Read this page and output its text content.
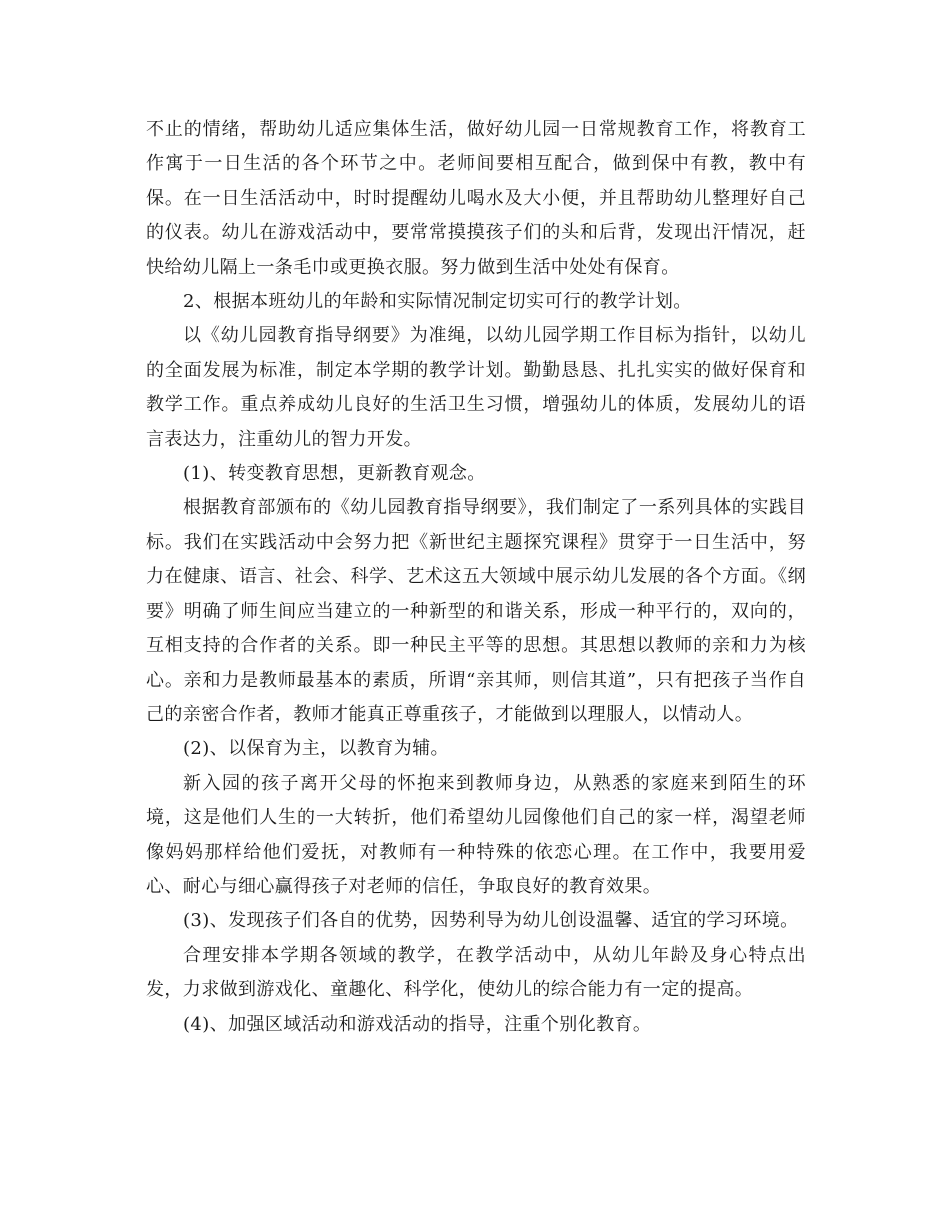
不止的情绪，帮助幼儿适应集体生活，做好幼儿园一日常规教育工作，将教育工作寓于一日生活的各个环节之中。老师间要相互配合，做到保中有教，教中有保。在一日生活活动中，时时提醒幼儿喝水及大小便，并且帮助幼儿整理好自己的仪表。幼儿在游戏活动中，要常常摸摸孩子们的头和后背，发现出汗情况，赶快给幼儿隔上一条毛巾或更换衣服。努力做到生活中处处有保育。

2、根据本班幼儿的年龄和实际情况制定切实可行的教学计划。

以《幼儿园教育指导纲要》为准绳，以幼儿园学期工作目标为指针，以幼儿的全面发展为标准，制定本学期的教学计划。勤勤恳恳、扎扎实实的做好保育和教学工作。重点养成幼儿良好的生活卫生习惯，增强幼儿的体质，发展幼儿的语言表达力，注重幼儿的智力开发。

(1)、转变教育思想，更新教育观念。

根据教育部颁布的《幼儿园教育指导纲要》，我们制定了一系列具体的实践目标。我们在实践活动中会努力把《新世纪主题探究课程》贯穿于一日生活中，努力在健康、语言、社会、科学、艺术这五大领域中展示幼儿发展的各个方面。《纲要》明确了师生间应当建立的一种新型的和谐关系，形成一种平行的，双向的，互相支持的合作者的关系。即一种民主平等的思想。其思想以教师的亲和力为核心。亲和力是教师最基本的素质，所谓“亲其师，则信其道”，只有把孩子当作自己的亲密合作者，教师才能真正尊重孩子，才能做到以理服人，以情动人。

(2)、以保育为主，以教育为辅。

新入园的孩子离开父母的怀抱来到教师身边，从熟悉的家庭来到陌生的环境，这是他们人生的一大转折，他们希望幼儿园像他们自己的家一样，渴望老师像妈妈那样给他们爱抚，对教师有一种特殊的依恋心理。在工作中，我要用爱心、耐心与细心赢得孩子对老师的信任，争取良好的教育效果。

(3)、发现孩子们各自的优势，因势利导为幼儿创设温馨、适宜的学习环境。

合理安排本学期各领域的教学，在教学活动中，从幼儿年龄及身心特点出发，力求做到游戏化、童趣化、科学化，使幼儿的综合能力有一定的提高。

(4)、加强区域活动和游戏活动的指导，注重个别化教育。
